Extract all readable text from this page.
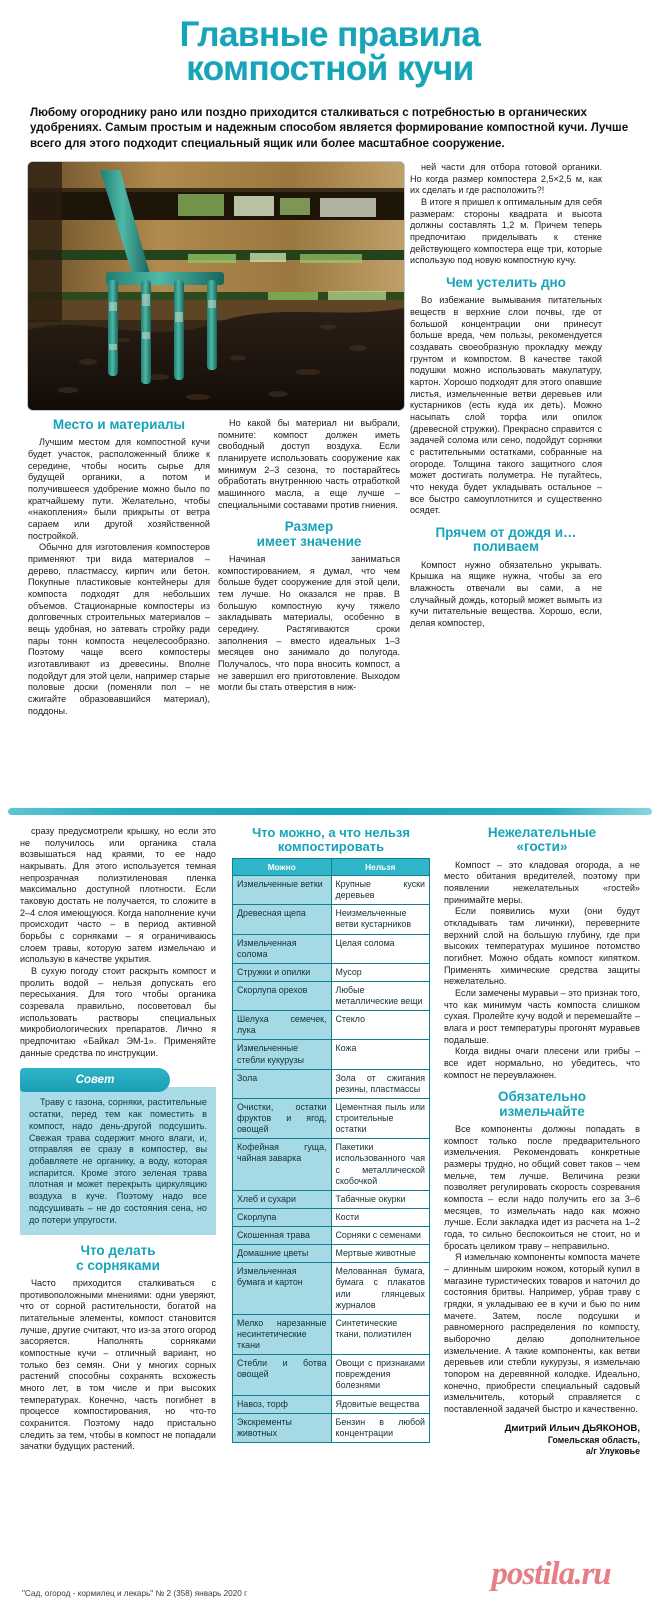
Главные правила
компостной кучи
Любому огороднику рано или поздно приходится сталкиваться с потребностью в органических удобрениях. Самым простым и надежным способом является формирование компостной кучи. Лучше всего для этого подходит специальный ящик или более масштабное сооружение.
Место и материалы

Лучшим местом для компостной кучи будет участок, расположенный ближе к середине, чтобы носить сырье для будущей органики, а потом и получившееся удобрение можно было по кратчайшему пути. Желательно, чтобы «накопления» были прикрыты от ветра сараем или другой хозяйственной постройкой.

Обычно для изготовления компостеров применяют три вида материалов – дерево, пластмассу, кирпич или бетон. Покупные пластиковые контейнеры для компоста подходят для небольших объемов. Стационарные компостеры из долговечных строительных материалов – вещь удобная, но затевать стройку ради пары тонн компоста нецелесообразно. Поэтому чаще всего компостеры изготавливают из древесины. Вполне подойдут для этой цели, например старые половые доски (поменяли пол – не сжигайте образовавшийся материал), поддоны.

Но какой бы материал ни выбрали, помните: компост должен иметь свободный доступ воздуха. Если планируете использовать сооружение как минимум 2–3 сезона, то постарайтесь обработать внутреннюю часть отработкой машинного масла, а еще лучше – специальными составами против гниения.

Размер
имеет значение

Начиная заниматься компостированием, я думал, что чем больше будет сооружение для этой цели, тем лучше. Но оказался не прав. В большую компостную кучу тяжело закладывать материалы, особенно в середину. Растягиваются сроки заполнения – вместо идеальных 1–3 месяцев оно занимало до полугода. Получалось, что пора вносить компост, а не завершил его приготовление. Выходом могли бы стать отверстия в ниж-

ней части для отбора готовой органики. Но когда размер компостера 2,5×2,5 м, как их сделать и где расположить?!

В итоге я пришел к оптимальным для себя размерам: стороны квадрата и высота должны составлять 1,2 м. Причем теперь предпочитаю приделывать к стенке действующего компостера еще три, которые использую под новую компостную кучу.

Чем устелить дно

Во избежание вымывания питательных веществ в верхние слои почвы, где от большой концентрации они принесут больше вреда, чем пользы, рекомендуется создавать своеобразную прокладку между грунтом и компостом. В качестве такой подушки можно использовать макулатуру, картон. Хорошо подходят для этого опавшие листья, измельченные ветви деревьев или кустарников (есть куда их деть). Можно насыпать слой торфа или опилок (древесной стружки). Прекрасно справится с задачей солома или сено, подойдут сорняки с растительными остатками, собранные на огороде. Толщина такого защитного слоя может достигать полуметра. Не пугайтесь, что некуда будет укладывать остальное – все быстро самоуплотнится и существенно осядет.

Прячем от дождя и…
поливаем

Компост нужно обязательно укрывать. Крышка на ящике нужна, чтобы за его влажность отвечали вы сами, а не случайный дождь, который может вымыть из кучи питательные вещества. Хорошо, если, делая компостер,

сразу предусмотрели крышку, но если это не получилось или органика стала возвышаться над краями, то ее надо накрывать. Для этого используется темная непрозрачная полиэтиленовая пленка максимально доступной плотности. Если таковую достать не получается, то сложите в 2–4 слоя имеющуюся. Когда наполнение кучи происходит часто – в период активной борьбы с сорняками – я ограничиваюсь слоем травы, которую затем измельчаю и использую в качестве укрытия.

В сухую погоду стоит раскрыть компост и пролить водой – нельзя допускать его пересыхания. Для того чтобы органика созревала правильно, посоветовал бы использовать растворы специальных микробиологических препаратов. Лично я предпочитаю «Байкал ЭМ-1». Применяйте данные средства по инструкции.

Совет

Траву с газона, сорняки, растительные остатки, перед тем как поместить в компост, надо день-другой подсушить. Свежая трава содержит много влаги, и, отправляя ее сразу в компостер, вы добавляете не органику, а воду, которая испарится. Кроме этого зеленая трава плотная и может перекрыть циркуляцию воздуха в куче. Поэтому надо все подсушивать – не до состояния сена, но до потери упругости.

Что делать
с сорняками

Часто приходится сталкиваться с противоположными мнениями: одни уверяют, что от сорной растительности, богатой на питательные элементы, компост становится лучше, другие считают, что из-за этого огород засоряется. Наполнять сорняками компостные кучи – отличный вариант, но только без семян. Они у многих сорных растений способны сохранять всхожесть много лет, в том числе и при высоких температурах. Конечно, часть погибнет в процессе компостирования, но что-то сохранится. Поэтому надо пристально следить за тем, чтобы в компост не попадали зачатки будущих растений.

Что можно, а что нельзя
компостировать
Можно	Нельзя
Измельченные ветки	Крупные куски деревьев
Древесная щепа	Неизмельченные ветви кустарников
Измельченная солома	Целая солома
Стружки и опилки	Мусор
Скорлупа орехов	Любые металлические вещи
Шелуха семечек, лука	Стекло
Измельченные стебли кукурузы	Кожа
Зола	Зола от сжигания резины, пластмассы
Очистки, остатки фруктов и ягод, овощей	Цементная пыль или строительные остатки
Кофейная гуща, чайная заварка	Пакетики использованного чая с металлической скобочкой
Хлеб и сухари	Табачные окурки
Скорлупа	Кости
Скошенная трава	Сорняки с семенами
Домашние цветы	Мертвые животные
Измельченная бумага и картон	Мелованная бумага, бумага с плакатов или глянцевых журналов
Мелко нарезанные несинтетические ткани	Синтетические ткани, полиэтилен
Стебли и ботва овощей	Овощи с признаками повреждения болезнями
Навоз, торф	Ядовитые вещества
Экскременты животных	Бензин в любой концентрации
Нежелательные
«гости»

Компост – это кладовая огорода, а не место обитания вредителей, поэтому при появлении нежелательных «гостей» принимайте меры.

Если появились мухи (они будут откладывать там личинки), переверните верхний слой на большую глубину, где при высоких температурах мушиное потомство погибнет. Можно обдать компост кипятком. Применять химические средства защиты нежелательно.

Если замечены муравьи – это признак того, что как минимум часть компоста слишком сухая. Пролейте кучу водой и перемешайте – влага и рост температуры прогонят муравьев подальше.

Когда видны очаги плесени или грибы – все идет нормально, но убедитесь, что компост не переувлажнен.

Обязательно
измельчайте

Все компоненты должны попадать в компост только после предварительного измельчения. Рекомендовать конкретные размеры трудно, но общий совет таков – чем мельче, тем лучше. Величина резки позволяет регулировать скорость созревания компоста – если надо получить его за 3–6 месяцев, то измельчать надо как можно лучше. Если закладка идет из расчета на 1–2 года, то сильно беспокоиться не стоит, но и бросать целиком траву – неправильно.

Я измельчаю компоненты компоста мачете – длинным широким ножом, который купил в магазине туристических товаров и наточил до состояния бритвы. Например, убрав траву с грядки, я укладываю ее в кучи и бью по ним мачете. Затем, после подсушки и равномерного распределения по компосту, выборочно делаю дополнительное измельчение. А такие компоненты, как ветви деревьев или стебли кукурузы, я измельчаю топором на деревянной колодке. Идеально, конечно, приобрести специальный садовый измельчитель, который справляется с поставленной задачей быстро и качественно.

Дмитрий Ильич ДЬЯКОНОВ,
Гомельская область,
а/г Улуковье
postila.ru
"Сад, огород - кормилец и лекарь" № 2 (358) январь 2020 г
